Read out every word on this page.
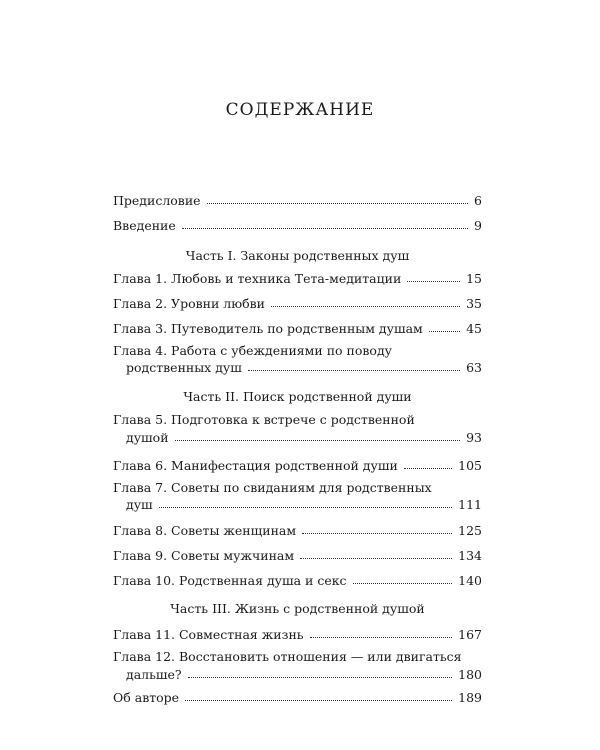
СОДЕРЖАНИЕ
Предисловие	6
Введение	9
Часть I. Законы родственных душ
Глава 1. Любовь и техника Тета-медитации	15
Глава 2. Уровни любви	35
Глава 3. Путеводитель по родственным душам	45
Глава 4. Работа с убеждениями по поводу
родственных душ	63
Часть II. Поиск родственной души
Глава 5. Подготовка к встрече с родственной
душой	93
Глава 6. Манифестация родственной души	105
Глава 7. Советы по свиданиям для родственных
душ	111
Глава 8. Советы женщинам	125
Глава 9. Советы мужчинам	134
Глава 10. Родственная душа и секс	140
Часть III. Жизнь с родственной душой
Глава 11. Совместная жизнь	167
Глава 12. Восстановить отношения — или двигаться
дальше?	180
Об авторе	189
